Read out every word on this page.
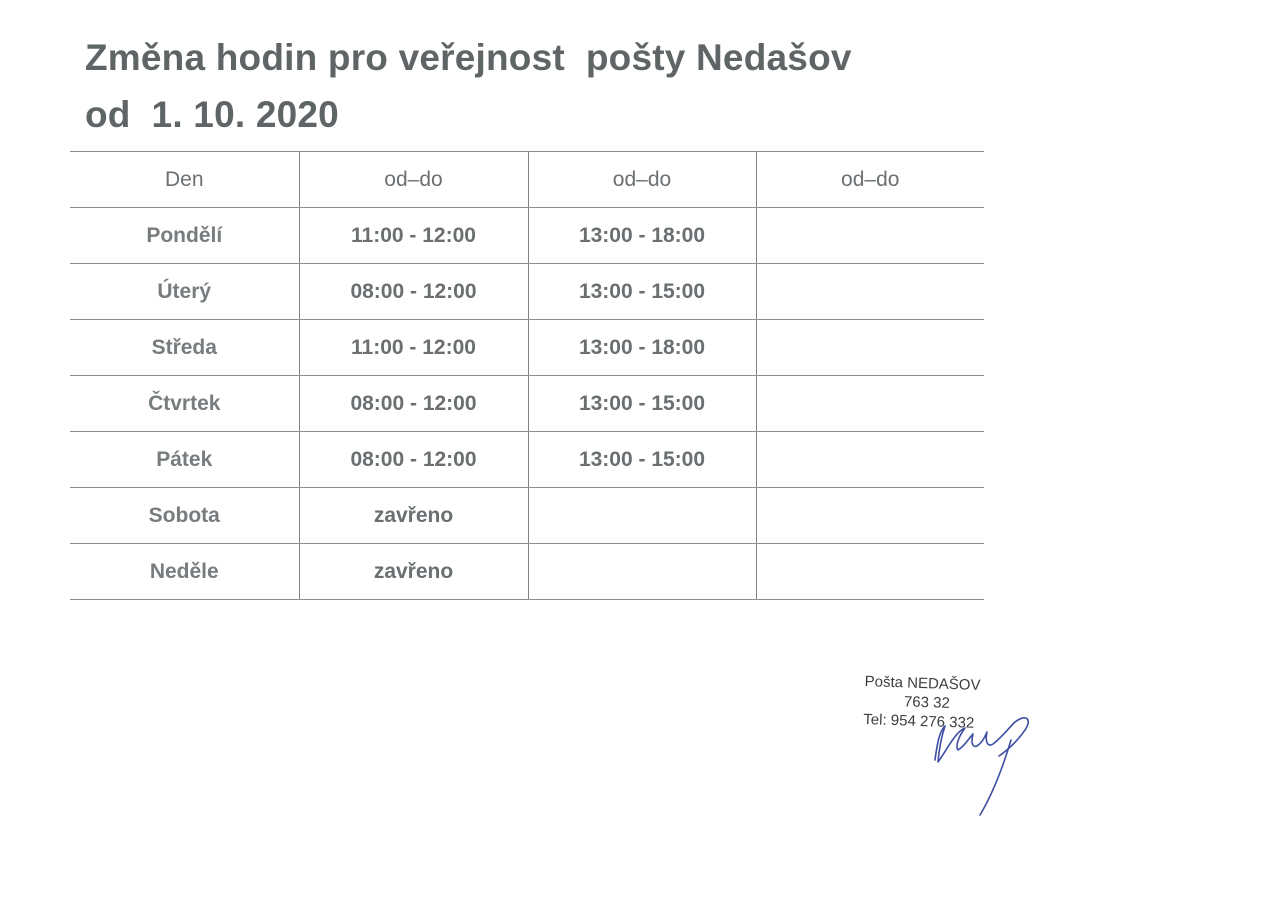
Změna hodin pro veřejnost  pošty Nedašov
od  1. 10. 2020
Den	od–do	od–do	od–do
Pondělí	11:00 - 12:00	13:00 - 18:00	
Úterý	08:00 - 12:00	13:00 - 15:00	
Středa	11:00 - 12:00	13:00 - 18:00	
Čtvrtek	08:00 - 12:00	13:00 - 15:00	
Pátek	08:00 - 12:00	13:00 - 15:00	
Sobota	zavřeno		
Neděle	zavřeno		
Pošta NEDAŠOV
763 32
Tel: 954 276 332
